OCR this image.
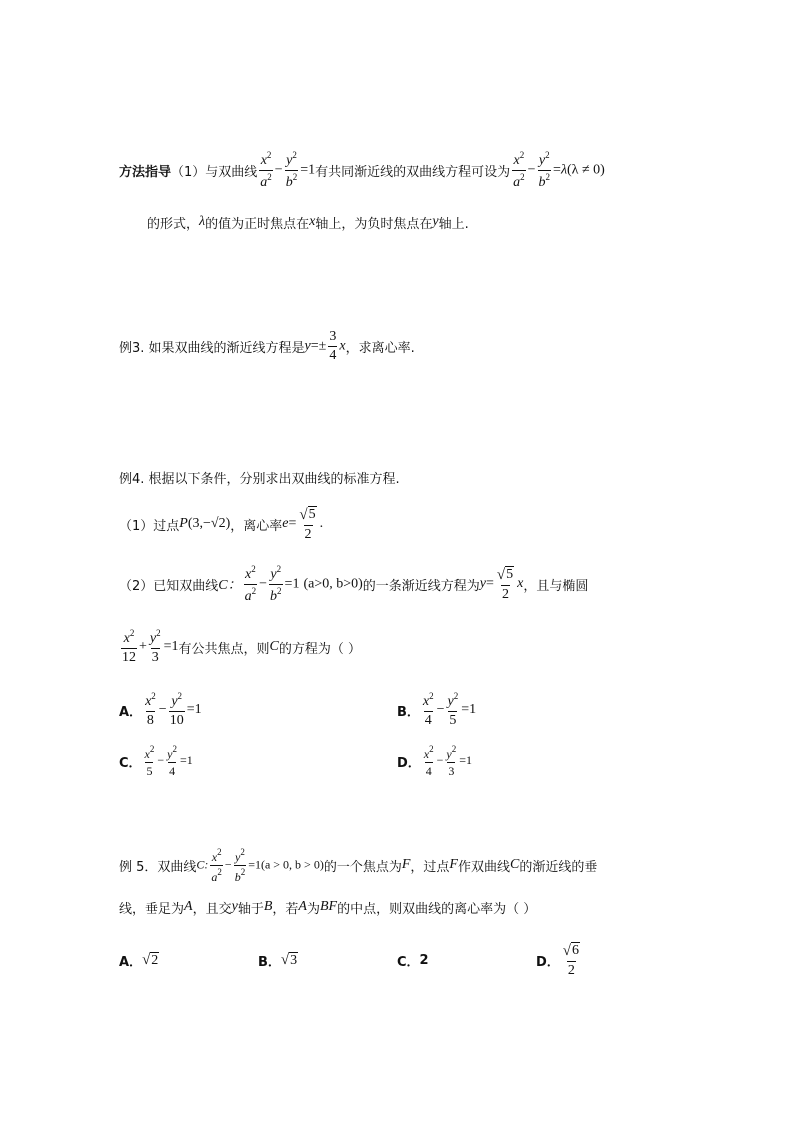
方法指导 （1）与双曲线 $\frac{x^2}{a^2} - \frac{y^2}{b^2} =1$ 有共同渐近线的双曲线方程可设为 $\frac{x^2}{a^2} - \frac{y^2}{b^2} =\lambda(\lambda \ne 0)$
的形式， λ 的值为正时焦点在 x 轴上，为负时焦点在 y 轴上.
例3. 如果双曲线的渐近线方程是 $y=\pm \frac{3}{4}$ x ，求离心率.
例4. 根据以下条件，分别求出双曲线的标准方程.
（1）过点 P(3,−√2) ，离心率 $e= \frac{√ 5}{2}$ .
（2）已知双曲线 C： $\frac{x^2}{a^2} - \frac{y^2}{b^2} =1$ (a>0, b>0) 的一条渐近线方程为 $y= \frac{√ 5}{2}$ x ，且与椭圆
$\frac{x^2}{12} + \frac{y^2}{3} =1$ 有公共焦点，则 C 的方程为（ ）
A． $\frac{x^2}{8} - \frac{y^2}{10} =1$	B． $\frac{x^2}{4} - \frac{y^2}{5} =1$
C． $\frac{x^2}{5} - \frac{y^2}{4} =1$	D． $\frac{x^2}{4} - \frac{y^2}{3} =1$
例 5．双曲线 C: $\frac{x^2}{a^2} - \frac{y^2}{b^2} =1(a > 0$, b > 0) 的一个焦点为 F ，过点 F 作双曲线 C 的渐近线的垂
线，垂足为 A ，且交 y 轴于 B ，若 A 为 BF 的中点，则双曲线的离心率为（ ）
A． √ 2	B． √ 3	C． 2	D． $\frac{√ 6}{2}$
